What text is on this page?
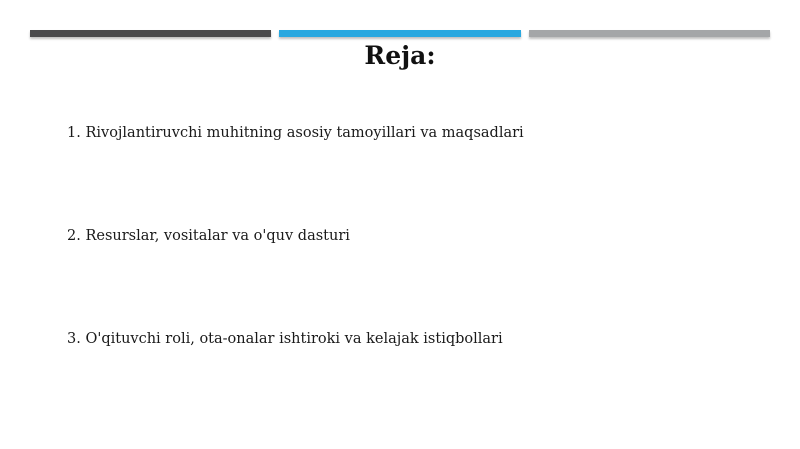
Reja:

1. Rivojlantiruvchi muhitning asosiy tamoyillari va maqsadlari

2. Resurslar, vositalar va o'quv dasturi

3. O'qituvchi roli, ota-onalar ishtiroki va kelajak istiqbollari
